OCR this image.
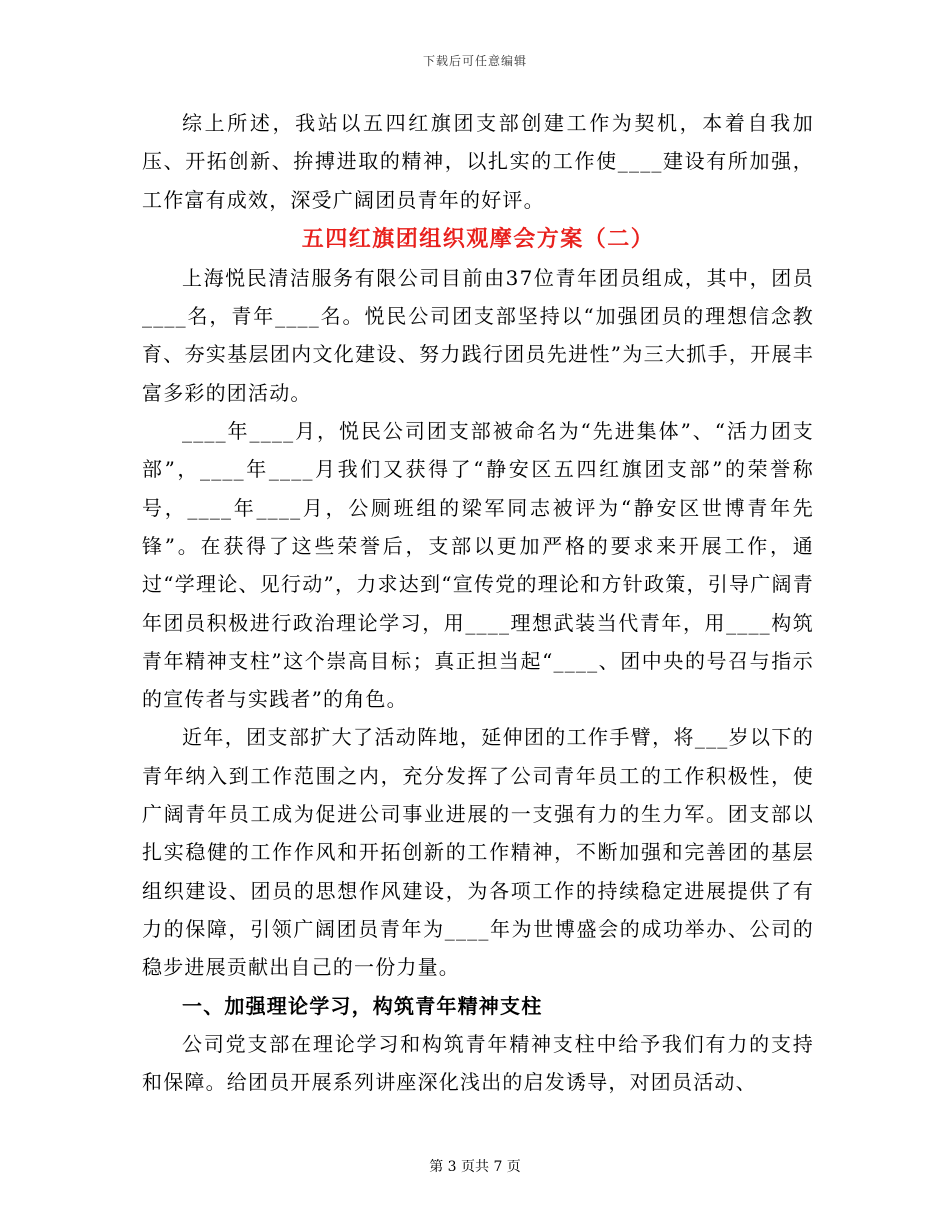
下载后可任意编辑

综上所述，我站以五四红旗团支部创建工作为契机，本着自我加压、开拓创新、拚搏进取的精神，以扎实的工作使____建设有所加强，工作富有成效，深受广阔团员青年的好评。

五四红旗团组织观摩会方案（二）

上海悦民清洁服务有限公司目前由37位青年团员组成，其中，团员____名，青年____名。悦民公司团支部坚持以“加强团员的理想信念教育、夯实基层团内文化建设、努力践行团员先进性”为三大抓手，开展丰富多彩的团活动。

____年____月，悦民公司团支部被命名为“先进集体”、“活力团支部”，____年____月我们又获得了“静安区五四红旗团支部”的荣誉称号，____年____月，公厕班组的梁军同志被评为“静安区世博青年先锋”。在获得了这些荣誉后，支部以更加严格的要求来开展工作，通过“学理论、见行动”，力求达到“宣传党的理论和方针政策，引导广阔青年团员积极进行政治理论学习，用____理想武装当代青年，用____构筑青年精神支柱”这个崇高目标；真正担当起“____、团中央的号召与指示的宣传者与实践者”的角色。

近年，团支部扩大了活动阵地，延伸团的工作手臂，将___岁以下的青年纳入到工作范围之内，充分发挥了公司青年员工的工作积极性，使广阔青年员工成为促进公司事业进展的一支强有力的生力军。团支部以扎实稳健的工作作风和开拓创新的工作精神，不断加强和完善团的基层组织建设、团员的思想作风建设，为各项工作的持续稳定进展提供了有力的保障，引领广阔团员青年为____年为世博盛会的成功举办、公司的稳步进展贡献出自己的一份力量。

一、加强理论学习，构筑青年精神支柱

公司党支部在理论学习和构筑青年精神支柱中给予我们有力的支持和保障。给团员开展系列讲座深化浅出的启发诱导，对团员活动、

第 3 页共 7 页
